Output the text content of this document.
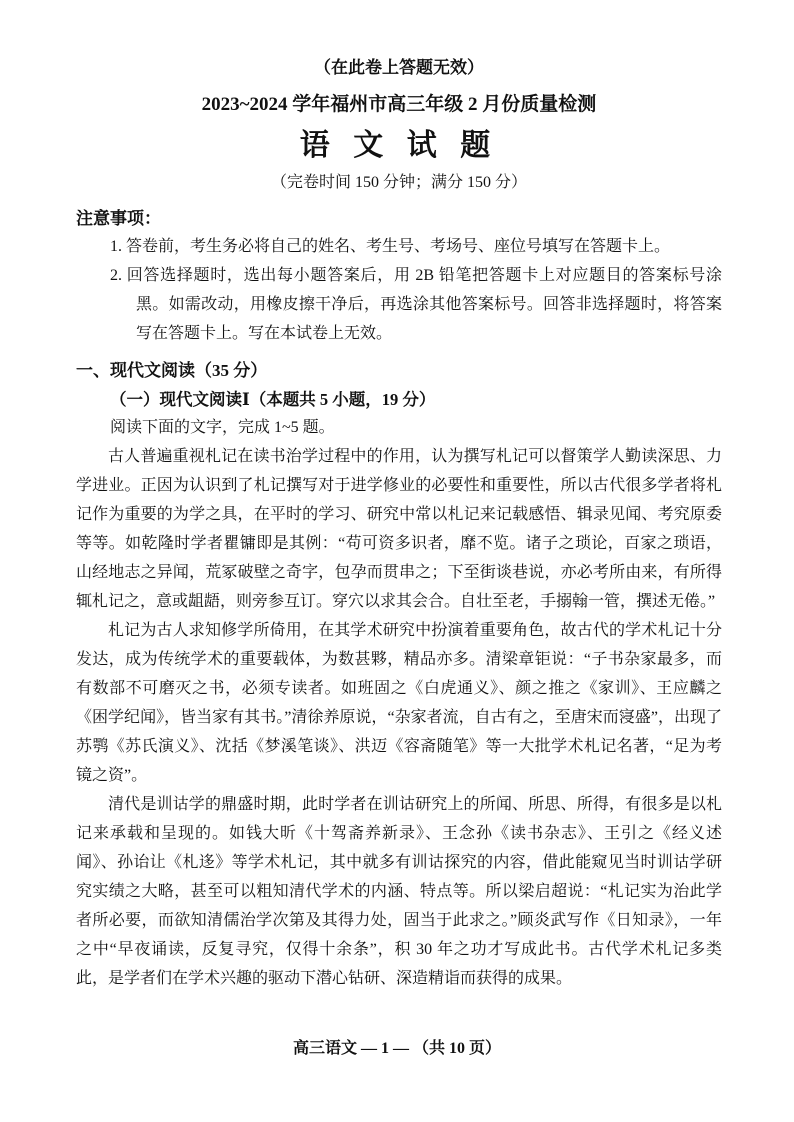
（在此卷上答题无效）
2023~2024 学年福州市高三年级 2 月份质量检测
语 文 试 题
（完卷时间 150 分钟；满分 150 分）
注意事项：
1. 答卷前，考生务必将自己的姓名、考生号、考场号、座位号填写在答题卡上。
2. 回答选择题时，选出每小题答案后，用 2B 铅笔把答题卡上对应题目的答案标号涂黑。如需改动，用橡皮擦干净后，再选涂其他答案标号。回答非选择题时，将答案写在答题卡上。写在本试卷上无效。
一、现代文阅读（35 分）
（一）现代文阅读Ⅰ（本题共 5 小题，19 分）
阅读下面的文字，完成 1~5 题。

古人普遍重视札记在读书治学过程中的作用，认为撰写札记可以督策学人勤读深思、力学进业。正因为认识到了札记撰写对于进学修业的必要性和重要性，所以古代很多学者将札记作为重要的为学之具，在平时的学习、研究中常以札记来记载感悟、辑录见闻、考究原委等等。如乾隆时学者瞿镛即是其例：“苟可资多识者，靡不览。诸子之琐论，百家之琐语，山经地志之异闻，荒冢破壁之奇字，包孕而贯串之；下至街谈巷说，亦必考所由来，有所得辄札记之，意或龃龉，则旁参互订。穿穴以求其会合。自壮至老，手搦翰一管，撰述无倦。”

札记为古人求知修学所倚用，在其学术研究中扮演着重要角色，故古代的学术札记十分发达，成为传统学术的重要载体，为数甚夥，精品亦多。清梁章钜说：“子书杂家最多，而有数部不可磨灭之书，必须专读者。如班固之《白虎通义》、颜之推之《家训》、王应麟之《困学纪闻》，皆当家有其书。”清徐养原说，“杂家者流，自古有之，至唐宋而寖盛”，出现了苏鹗《苏氏演义》、沈括《梦溪笔谈》、洪迈《容斋随笔》等一大批学术札记名著，“足为考镜之资”。

清代是训诂学的鼎盛时期，此时学者在训诂研究上的所闻、所思、所得，有很多是以札记来承载和呈现的。如钱大昕《十驾斋养新录》、王念孙《读书杂志》、王引之《经义述闻》、孙诒让《札迻》等学术札记，其中就多有训诂探究的内容，借此能窥见当时训诂学研究实绩之大略，甚至可以粗知清代学术的内涵、特点等。所以梁启超说：“札记实为治此学者所必要，而欲知清儒治学次第及其得力处，固当于此求之。”顾炎武写作《日知录》，一年之中“早夜诵读，反复寻究，仅得十余条”，积 30 年之功才写成此书。古代学术札记多类此，是学者们在学术兴趣的驱动下潜心钻研、深造精诣而获得的成果。

高三语文 — 1 — （共 10 页）
